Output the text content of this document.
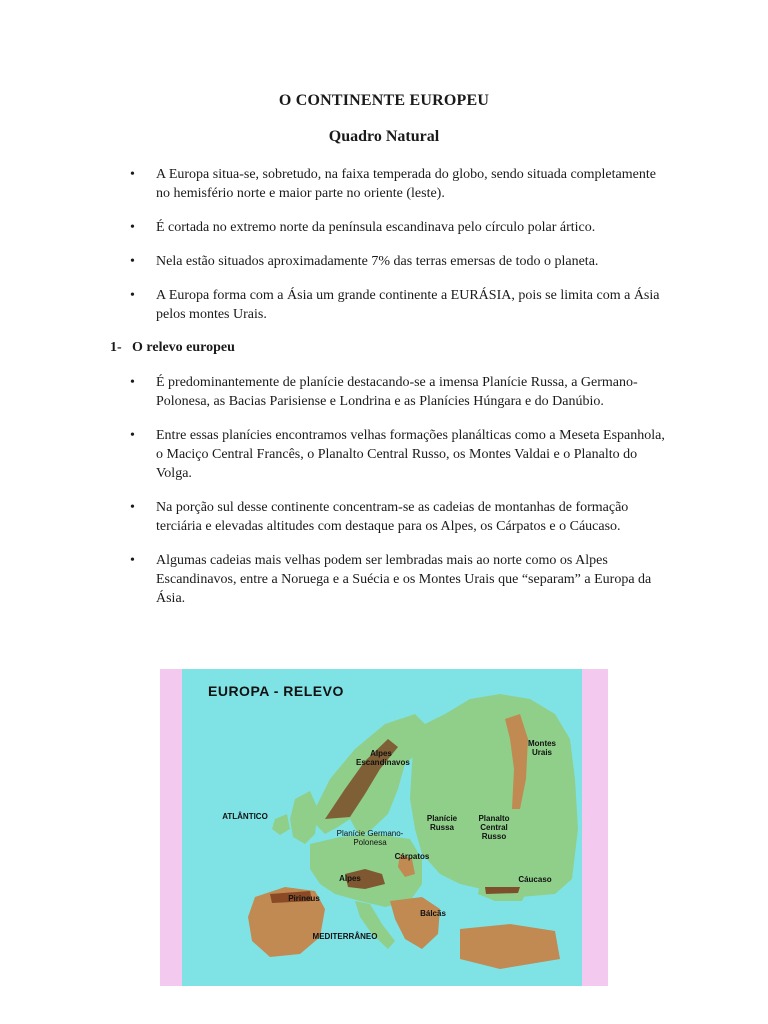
O CONTINENTE EUROPEU
Quadro Natural
• A Europa situa-se, sobretudo, na faixa temperada do globo, sendo situada completamente no hemisfério norte e maior parte no oriente (leste).
• É cortada no extremo norte da península escandinava pelo círculo polar ártico.
• Nela estão situados aproximadamente 7% das terras emersas de todo o planeta.
• A Europa forma com a Ásia um grande continente a EURÁSIA, pois se limita com a Ásia pelos montes Urais.
1- O relevo europeu
• É predominantemente de planície destacando-se a imensa Planície Russa, a Germano-Polonesa, as Bacias Parisiense e Londrina e as Planícies Húngara e do Danúbio.
• Entre essas planícies encontramos velhas formações planálticas como a Meseta Espanhola, o Maciço Central Francês, o Planalto Central Russo, os Montes Valdai e o Planalto do Volga.
• Na porção sul desse continente concentram-se as cadeias de montanhas de formação terciária e elevadas altitudes com destaque para os Alpes, os Cárpatos e o Cáucaso.
• Algumas cadeias mais velhas podem ser lembradas mais ao norte como os Alpes Escandinavos, entre a Noruega e a Suécia e os Montes Urais que “separam” a Europa da Ásia.
EUROPA - RELEVO
Alpes Escandinavos
Montes Urais
ATLÂNTICO	Planície Russa
Planalto Central Russo
Planície Germano-Polonesa
Cárpatos
Alpes	Cáucaso
Pirineus
Bálcãs
MEDITERRÂNEO
